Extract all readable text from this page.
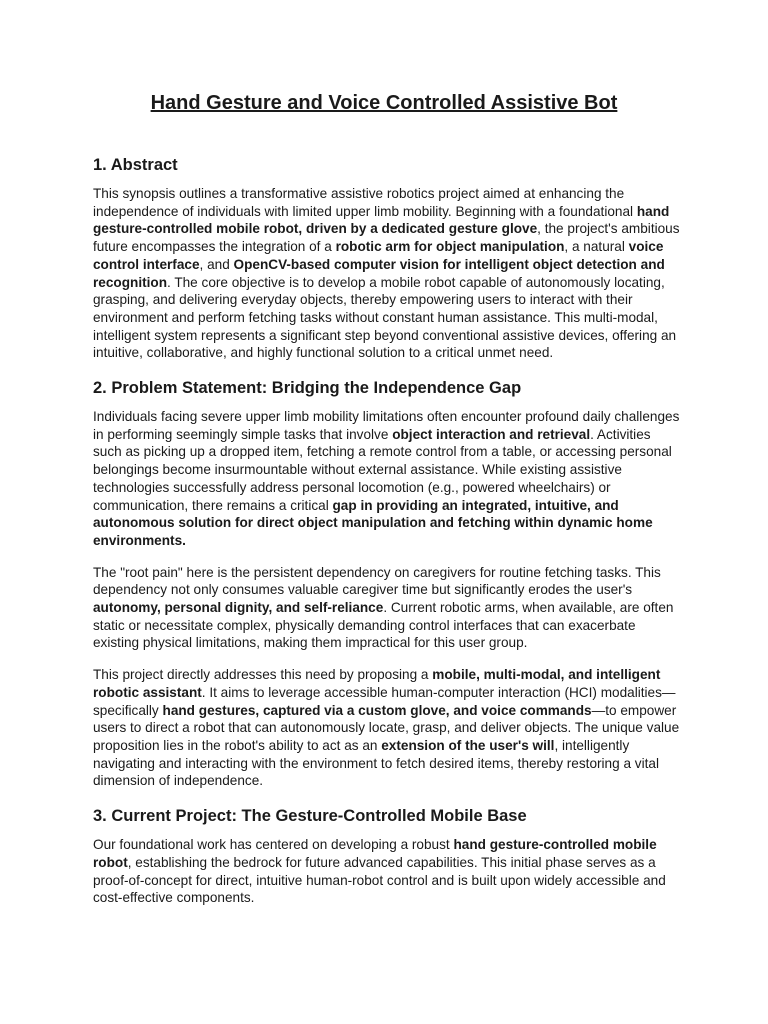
Hand Gesture and Voice Controlled Assistive Bot
1. Abstract

This synopsis outlines a transformative assistive robotics project aimed at enhancing the independence of individuals with limited upper limb mobility. Beginning with a foundational hand gesture-controlled mobile robot, driven by a dedicated gesture glove, the project's ambitious future encompasses the integration of a robotic arm for object manipulation, a natural voice control interface, and OpenCV-based computer vision for intelligent object detection and recognition. The core objective is to develop a mobile robot capable of autonomously locating, grasping, and delivering everyday objects, thereby empowering users to interact with their environment and perform fetching tasks without constant human assistance. This multi-modal, intelligent system represents a significant step beyond conventional assistive devices, offering an intuitive, collaborative, and highly functional solution to a critical unmet need.

2. Problem Statement: Bridging the Independence Gap

Individuals facing severe upper limb mobility limitations often encounter profound daily challenges in performing seemingly simple tasks that involve object interaction and retrieval. Activities such as picking up a dropped item, fetching a remote control from a table, or accessing personal belongings become insurmountable without external assistance. While existing assistive technologies successfully address personal locomotion (e.g., powered wheelchairs) or communication, there remains a critical gap in providing an integrated, intuitive, and autonomous solution for direct object manipulation and fetching within dynamic home environments.

The "root pain" here is the persistent dependency on caregivers for routine fetching tasks. This dependency not only consumes valuable caregiver time but significantly erodes the user's autonomy, personal dignity, and self-reliance. Current robotic arms, when available, are often static or necessitate complex, physically demanding control interfaces that can exacerbate existing physical limitations, making them impractical for this user group.

This project directly addresses this need by proposing a mobile, multi-modal, and intelligent robotic assistant. It aims to leverage accessible human-computer interaction (HCI) modalities—specifically hand gestures, captured via a custom glove, and voice commands—to empower users to direct a robot that can autonomously locate, grasp, and deliver objects. The unique value proposition lies in the robot's ability to act as an extension of the user's will, intelligently navigating and interacting with the environment to fetch desired items, thereby restoring a vital dimension of independence.

3. Current Project: The Gesture-Controlled Mobile Base

Our foundational work has centered on developing a robust hand gesture-controlled mobile robot, establishing the bedrock for future advanced capabilities. This initial phase serves as a proof-of-concept for direct, intuitive human-robot control and is built upon widely accessible and cost-effective components.
